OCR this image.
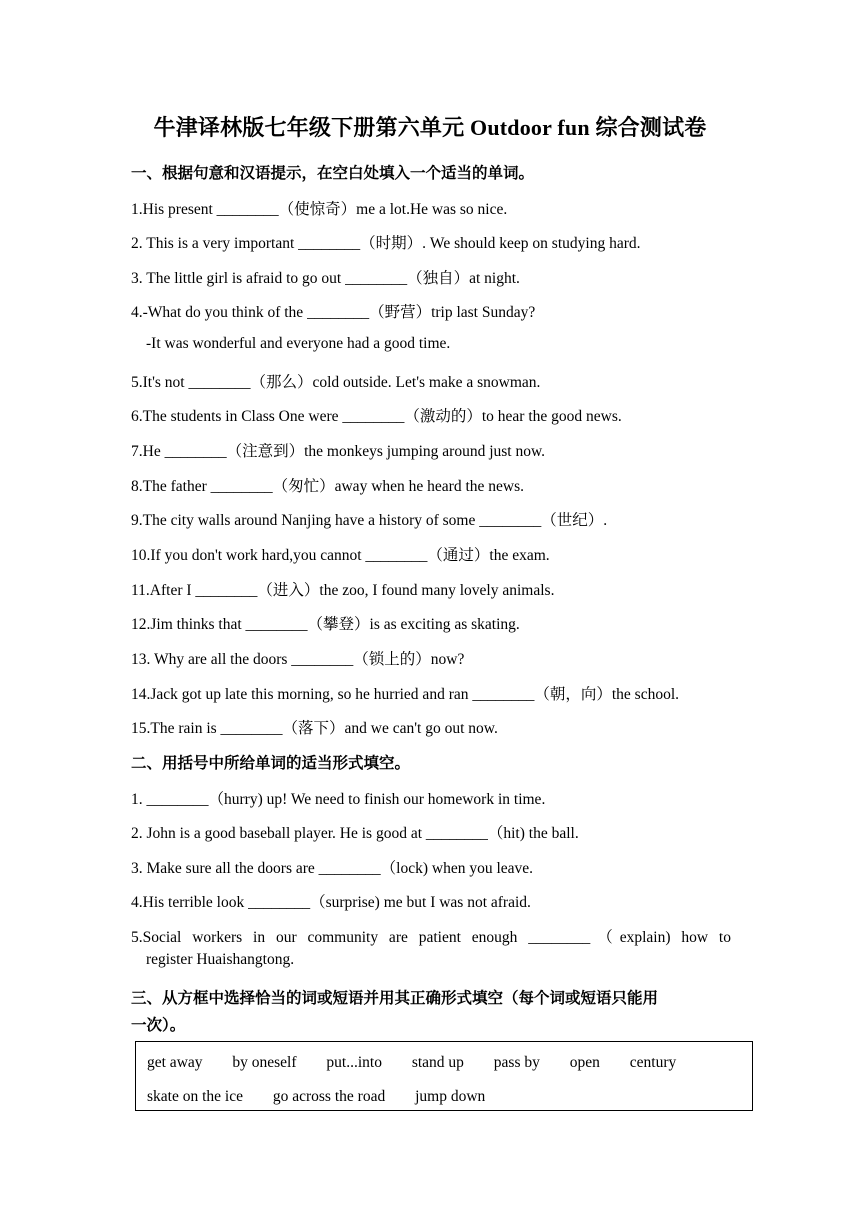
牛津译林版七年级下册第六单元 Outdoor fun 综合测试卷
一、根据句意和汉语提示，在空白处填入一个适当的单词。
1.His present ________（使惊奇）me a lot.He was so nice.
2. This is a very important ________（时期）. We should keep on studying hard.
3. The little girl is afraid to go out ________（独自）at night.
4.-What do you think of the ________（野营）trip last Sunday?
-It was wonderful and everyone had a good time.
5.It's not ________（那么）cold outside. Let's make a snowman.
6.The students in Class One were ________（激动的）to hear the good news.
7.He ________（注意到）the monkeys jumping around just now.
8.The father ________（匆忙）away when he heard the news.
9.The city walls around Nanjing have a history of some ________（世纪）.
10.If you don't work hard,you cannot ________（通过）the exam.
11.After I ________（进入）the zoo, I found many lovely animals.
12.Jim thinks that ________（攀登）is as exciting as skating.
13. Why are all the doors ________（锁上的）now?
14.Jack got up late this morning, so he hurried and ran ________（朝，向）the school.
15.The rain is ________（落下）and we can't go out now.
二、用括号中所给单词的适当形式填空。
1. ________（hurry) up! We need to finish our homework in time.
2. John is a good baseball player. He is good at ________（hit) the ball.
3. Make sure all the doors are ________（lock) when you leave.
4.His terrible look ________（surprise) me but I was not afraid.
5.Social workers in our community are patient enough ________（explain) how to
register Huaishangtong.
三、从方框中选择恰当的词或短语并用其正确形式填空（每个词或短语只能用
一次）。
get away by oneself put...into stand up pass by open century
skate on the ice go across the road jump down
